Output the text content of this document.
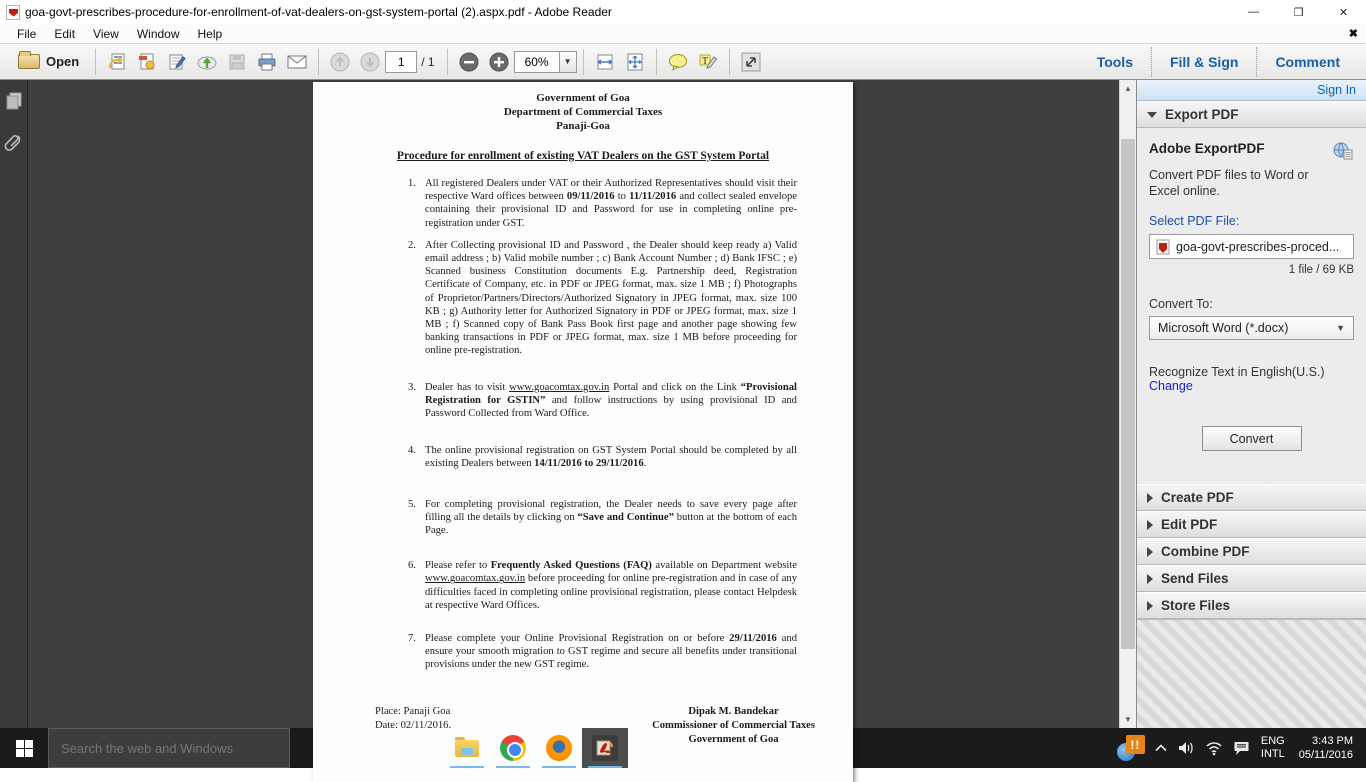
goa-govt-prescribes-procedure-for-enrollment-of-vat-dealers-on-gst-system-portal (2).aspx.pdf - Adobe Reader	—	❐	✕
File Edit View Window Help	✖
Open
1	/ 1	60%	▼	T	Tools	Fill & Sign	Comment
Government of Goa
Department of Commercial Taxes
Panaji-Goa
Procedure for enrollment of existing VAT Dealers on the GST System Portal
1. All registered Dealers under VAT or their Authorized Representatives should visit their respective Ward offices between 09/11/2016 to 11/11/2016 and collect sealed envelope containing their provisional ID and Password for use in completing online pre-registration under GST.
2. After Collecting provisional ID and Password , the Dealer should keep ready a) Valid email address ; b) Valid mobile number ; c) Bank Account Number ; d) Bank IFSC ; e) Scanned business Constitution documents E.g. Partnership deed, Registration Certificate of Company, etc. in PDF or JPEG format, max. size 1 MB ; f) Photographs of Proprietor/Partners/Directors/Authorized Signatory in JPEG format, max. size 100 KB ; g) Authority letter for Authorized Signatory in PDF or JPEG format, max. size 1 MB ; f) Scanned copy of Bank Pass Book first page and another page showing few banking transactions in PDF or JPEG format, max. size 1 MB before proceeding for online pre-registration.
3. Dealer has to visit www.goacomtax.gov.in Portal and click on the Link “Provisional Registration for GSTIN” and follow instructions by using provisional ID and Password Collected from Ward Office.
4. The online provisional registration on GST System Portal should be completed by all existing Dealers between 14/11/2016 to 29/11/2016.
5. For completing provisional registration, the Dealer needs to save every page after filling all the details by clicking on “Save and Continue” button at the bottom of each Page.
6. Please refer to Frequently Asked Questions (FAQ) available on Department website www.goacomtax.gov.in before proceeding for online pre-registration and in case of any difficulties faced in completing online provisional registration, please contact Helpdesk at respective Ward Offices.
7. Please complete your Online Provisional Registration on or before 29/11/2016 and ensure your smooth migration to GST regime and secure all benefits under transitional provisions under the new GST regime.
Place: Panaji Goa
Date: 02/11/2016.
Dipak M. Bandekar
Commissioner of Commercial Taxes
Government of Goa
▲
▼
Sign In
Export PDF
Adobe ExportPDF
Convert PDF files to Word or Excel online.
Select PDF File:
goa-govt-prescribes-proced...
1 file / 69 KB
Convert To:
Microsoft Word (*.docx)	▼
Recognize Text in English(U.S.)
Change
Convert
Create PDF
Edit PDF
Combine PDF
Send Files
Store Files
Search the web and Windows
!!	ENG
INTL
3:43 PM
05/11/2016
